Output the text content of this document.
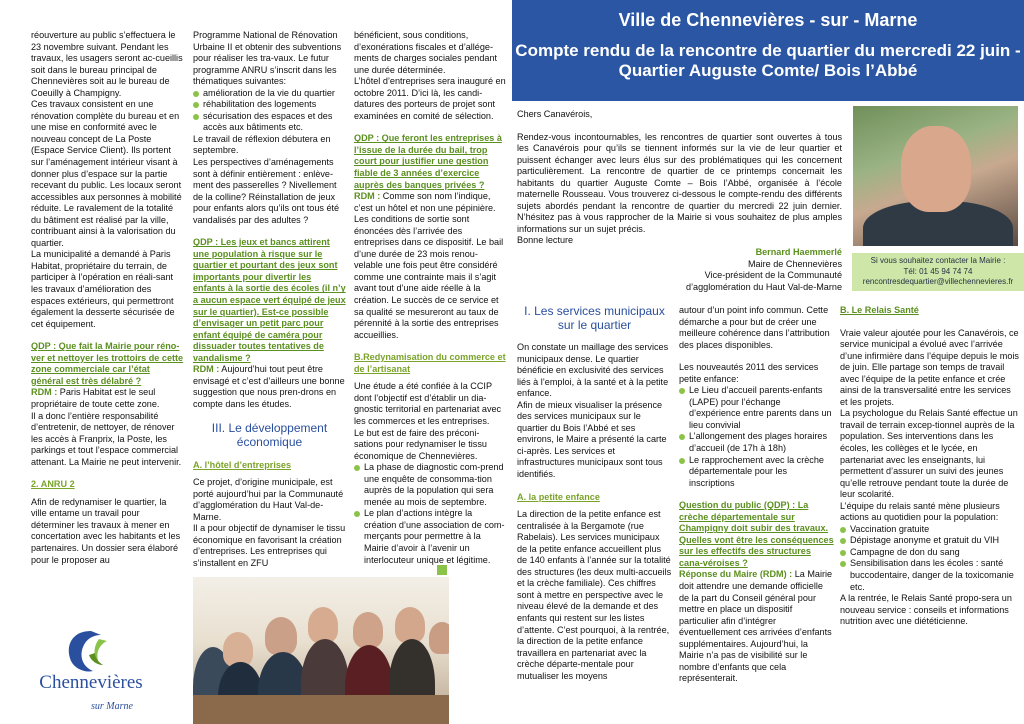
réouverture au public s’effectuera le 23 novembre suivant. Pendant les travaux, les usagers seront ac-cueillis soit dans le bureau principal de Chennevières soit au le bureau de Coeuilly à Champigny.

Ces travaux consistent en une rénovation complète du bureau et en une mise en conformité avec le nouveau concept de La Poste (Espace Service Client). Ils portent sur l’aménagement intérieur visant à donner plus d’espace sur la partie recevant du public. Les locaux seront accessibles aux personnes à mobilité réduite. Le ravalement de la totalité du bâtiment est réalisé par la ville, contribuant ainsi à la valorisation du quartier.

La municipalité a demandé à Paris Habitat, propriétaire du terrain, de participer à l’opération en réali-sant les travaux d’amélioration des espaces extérieurs, qui permettront également la desserte sécurisée de cet équipement.

QDP : Que fait la Mairie pour réno-ver et nettoyer les trottoirs de cette zone commerciale car l’état général est très délabré ?

RDM : Paris Habitat est le seul propriétaire de toute cette zone.

Il a donc l’entière responsabilité d’entretenir, de nettoyer, de rénover les accès à Franprix, la Poste, les parkings et tout l’espace commercial attenant. La Mairie ne peut intervenir.

2. ANRU 2

Afin de redynamiser le quartier, la ville entame un travail pour déterminer les travaux à mener en concertation avec les habitants et les partenaires. Un dossier sera élaboré pour le proposer au

Chennevières
sur Marne

Programme National de Rénovation Urbaine II et obtenir des subventions pour réaliser les tra-vaux. Le futur programme ANRU s’inscrit dans les thématiques suivantes:

amélioration de la vie du quartier

réhabilitation des logements

sécurisation des espaces et des accès aux bâtiments etc.

Le travail de réflexion débutera en septembre.

Les perspectives d’aménagements sont à définir entièrement : enlève-ment des passerelles ? Nivellement de la colline? Réinstallation de jeux pour enfants alors qu’ils ont tous été vandalisés par des adultes ?

QDP : Les jeux et bancs attirent une population à risque sur le quartier et pourtant des jeux sont importants pour divertir les enfants à la sortie des écoles (il n’y a aucun espace vert équipé de jeux sur le quartier). Est-ce possible d’envisager un petit parc pour enfant équipé de caméra pour dissuader toutes tentatives de vandalisme ?

RDM : Aujourd’hui tout peut être envisagé et c’est d’ailleurs une bonne suggestion que nous pren-drons en compte dans les études.

III. Le développement économique

A. l’hôtel d’entreprises

Ce projet, d’origine municipale, est porté aujourd’hui par la Communauté d’agglomération du Haut Val-de-Marne.

Il a pour objectif de dynamiser le tissu économique en favorisant la création d’entreprises. Les entreprises qui s’installent en ZFU

bénéficient, sous conditions, d’exonérations fiscales et d’allége-ments de charges sociales pendant une durée déterminée.

L’hôtel d’entreprises sera inauguré en octobre 2011. D’ici là, les candi-datures des porteurs de projet sont examinées en comité de sélection.

QDP : Que feront les entreprises à l’issue de la durée du bail, trop court pour justifier une gestion fiable de 3 années d’exercice auprès des banques privées ?

RDM : Comme son nom l’indique, c’est un hôtel et non une pépinière. Les conditions de sortie sont énoncées dès l’arrivée des entreprises dans ce dispositif. Le bail d’une durée de 23 mois renou-velable une fois peut être considéré comme une contrainte mais il s’agit avant tout d’une aide réelle à la création. Le succès de ce service et sa qualité se mesureront au taux de pérennité à la sortie des entreprises accueillies.

B.Redynamisation du commerce et de l’artisanat

Une étude a été confiée à la CCIP dont l’objectif est d’établir un dia-gnostic territorial en partenariat avec les commerces et les entreprises.

Le but est de faire des préconi-sations pour redynamiser le tissu économique de Chennevières.

La phase de diagnostic com-prend une enquête de consomma-tion auprès de la population qui sera menée au mois de septembre.

Le plan d’actions intègre la création d’une association de com-merçants pour permettre à la Mairie d’avoir à l’avenir un interlocuteur unique et légitime.

Ville de Chennevières - sur - Marne
Compte rendu de la rencontre de quartier du mercredi 22 juin - Quartier Auguste Comte/ Bois l’Abbé

Chers Canavérois,

Rendez-vous incontournables, les rencontres de quartier sont ouvertes à tous les Canavérois pour qu’ils se tiennent informés sur la vie de leur quartier et puissent échanger avec leurs élus sur des problématiques qui les concernent particulièrement. La rencontre de quartier de ce printemps concernait les habitants du quartier Auguste Comte – Bois l’Abbé, organisée à l’école maternelle Rousseau. Vous trouverez ci-dessous le compte-rendu des différents sujets abordés pendant la rencontre de quartier du mercredi 22 juin dernier. N’hésitez pas à vous rapprocher de la Mairie si vous souhaitez de plus amples informations sur un sujet précis.

Bonne lecture

Bernard Haemmerlé

Maire de Chennevières

Vice-président de la Communauté

d’agglomération du Haut Val-de-Marne

Si vous souhaitez contacter la Mairie :
Tél: 01 45 94 74 74
rencontresdequartier@villechennevieres.fr

I. Les services municipaux sur le quartier

On constate un maillage des services municipaux dense. Le quartier bénéficie en exclusivité des services liés à l’emploi, à la santé et à la petite enfance.

Afin de mieux visualiser la présence des services municipaux sur le quartier du Bois l’Abbé et ses environs, le Maire a présenté la carte ci-après. Les services et infrastructures municipaux sont tous identifiés.

A. la petite enfance

La direction de la petite enfance est centralisée à la Bergamote (rue Rabelais). Les services municipaux de la petite enfance accueillent plus de 140 enfants à l’année sur la totalité des structures (les deux multi-accueils et la crèche familiale). Ces chiffres sont à mettre en perspective avec le niveau élevé de la demande et des enfants qui restent sur les listes d’attente. C’est pourquoi, à la rentrée, la direction de la petite enfance travaillera en partenariat avec la crèche départe-mentale pour mutualiser les moyens

autour d’un point info commun. Cette démarche a pour but de créer une meilleure cohérence dans l’attribution des places disponibles.

Les nouveautés 2011 des services petite enfance:

Le Lieu d’accueil parents-enfants (LAPE) pour l’échange d’expérience entre parents dans un lieu convivial

L’allongement des plages horaires d’accueil (de 17h à 18h)

Le rapprochement avec la crèche départementale pour les inscriptions

Question du public (QDP) : La crèche départementale sur Champigny doit subir des travaux. Quelles vont être les conséquences sur les effectifs des structures cana-véroises ?

Réponse du Maire (RDM) : La Mairie doit attendre une demande officielle de la part du Conseil général pour mettre en place un dispositif particulier afin d’intégrer éventuellement ces arrivées d’enfants supplémentaires. Aujourd’hui, la Mairie n’a pas de visibilité sur le nombre d’enfants que cela représenterait.

B. Le Relais Santé

Vraie valeur ajoutée pour les Canavérois, ce service municipal a évolué avec l’arrivée d’une infirmière dans l’équipe depuis le mois de juin. Elle partage son temps de travail avec l’équipe de la petite enfance et crée ainsi de la transversalité entre les services et les projets.

La psychologue du Relais Santé effectue un travail de terrain excep-tionnel auprès de la population. Ses interventions dans les écoles, les collèges et le lycée, en partenariat avec les enseignants, lui permettent d’assurer un suivi des jeunes qu’elle retrouve pendant toute la durée de leur scolarité.

L’équipe du relais santé mène plusieurs actions au quotidien pour la population:

Vaccination gratuite

Dépistage anonyme et gratuit du VIH

Campagne de don du sang

Sensibilisation dans les écoles : santé buccodentaire, danger de la toxicomanie etc.

A la rentrée, le Relais Santé propo-sera un nouveau service : conseils et informations nutrition avec une diététicienne.
